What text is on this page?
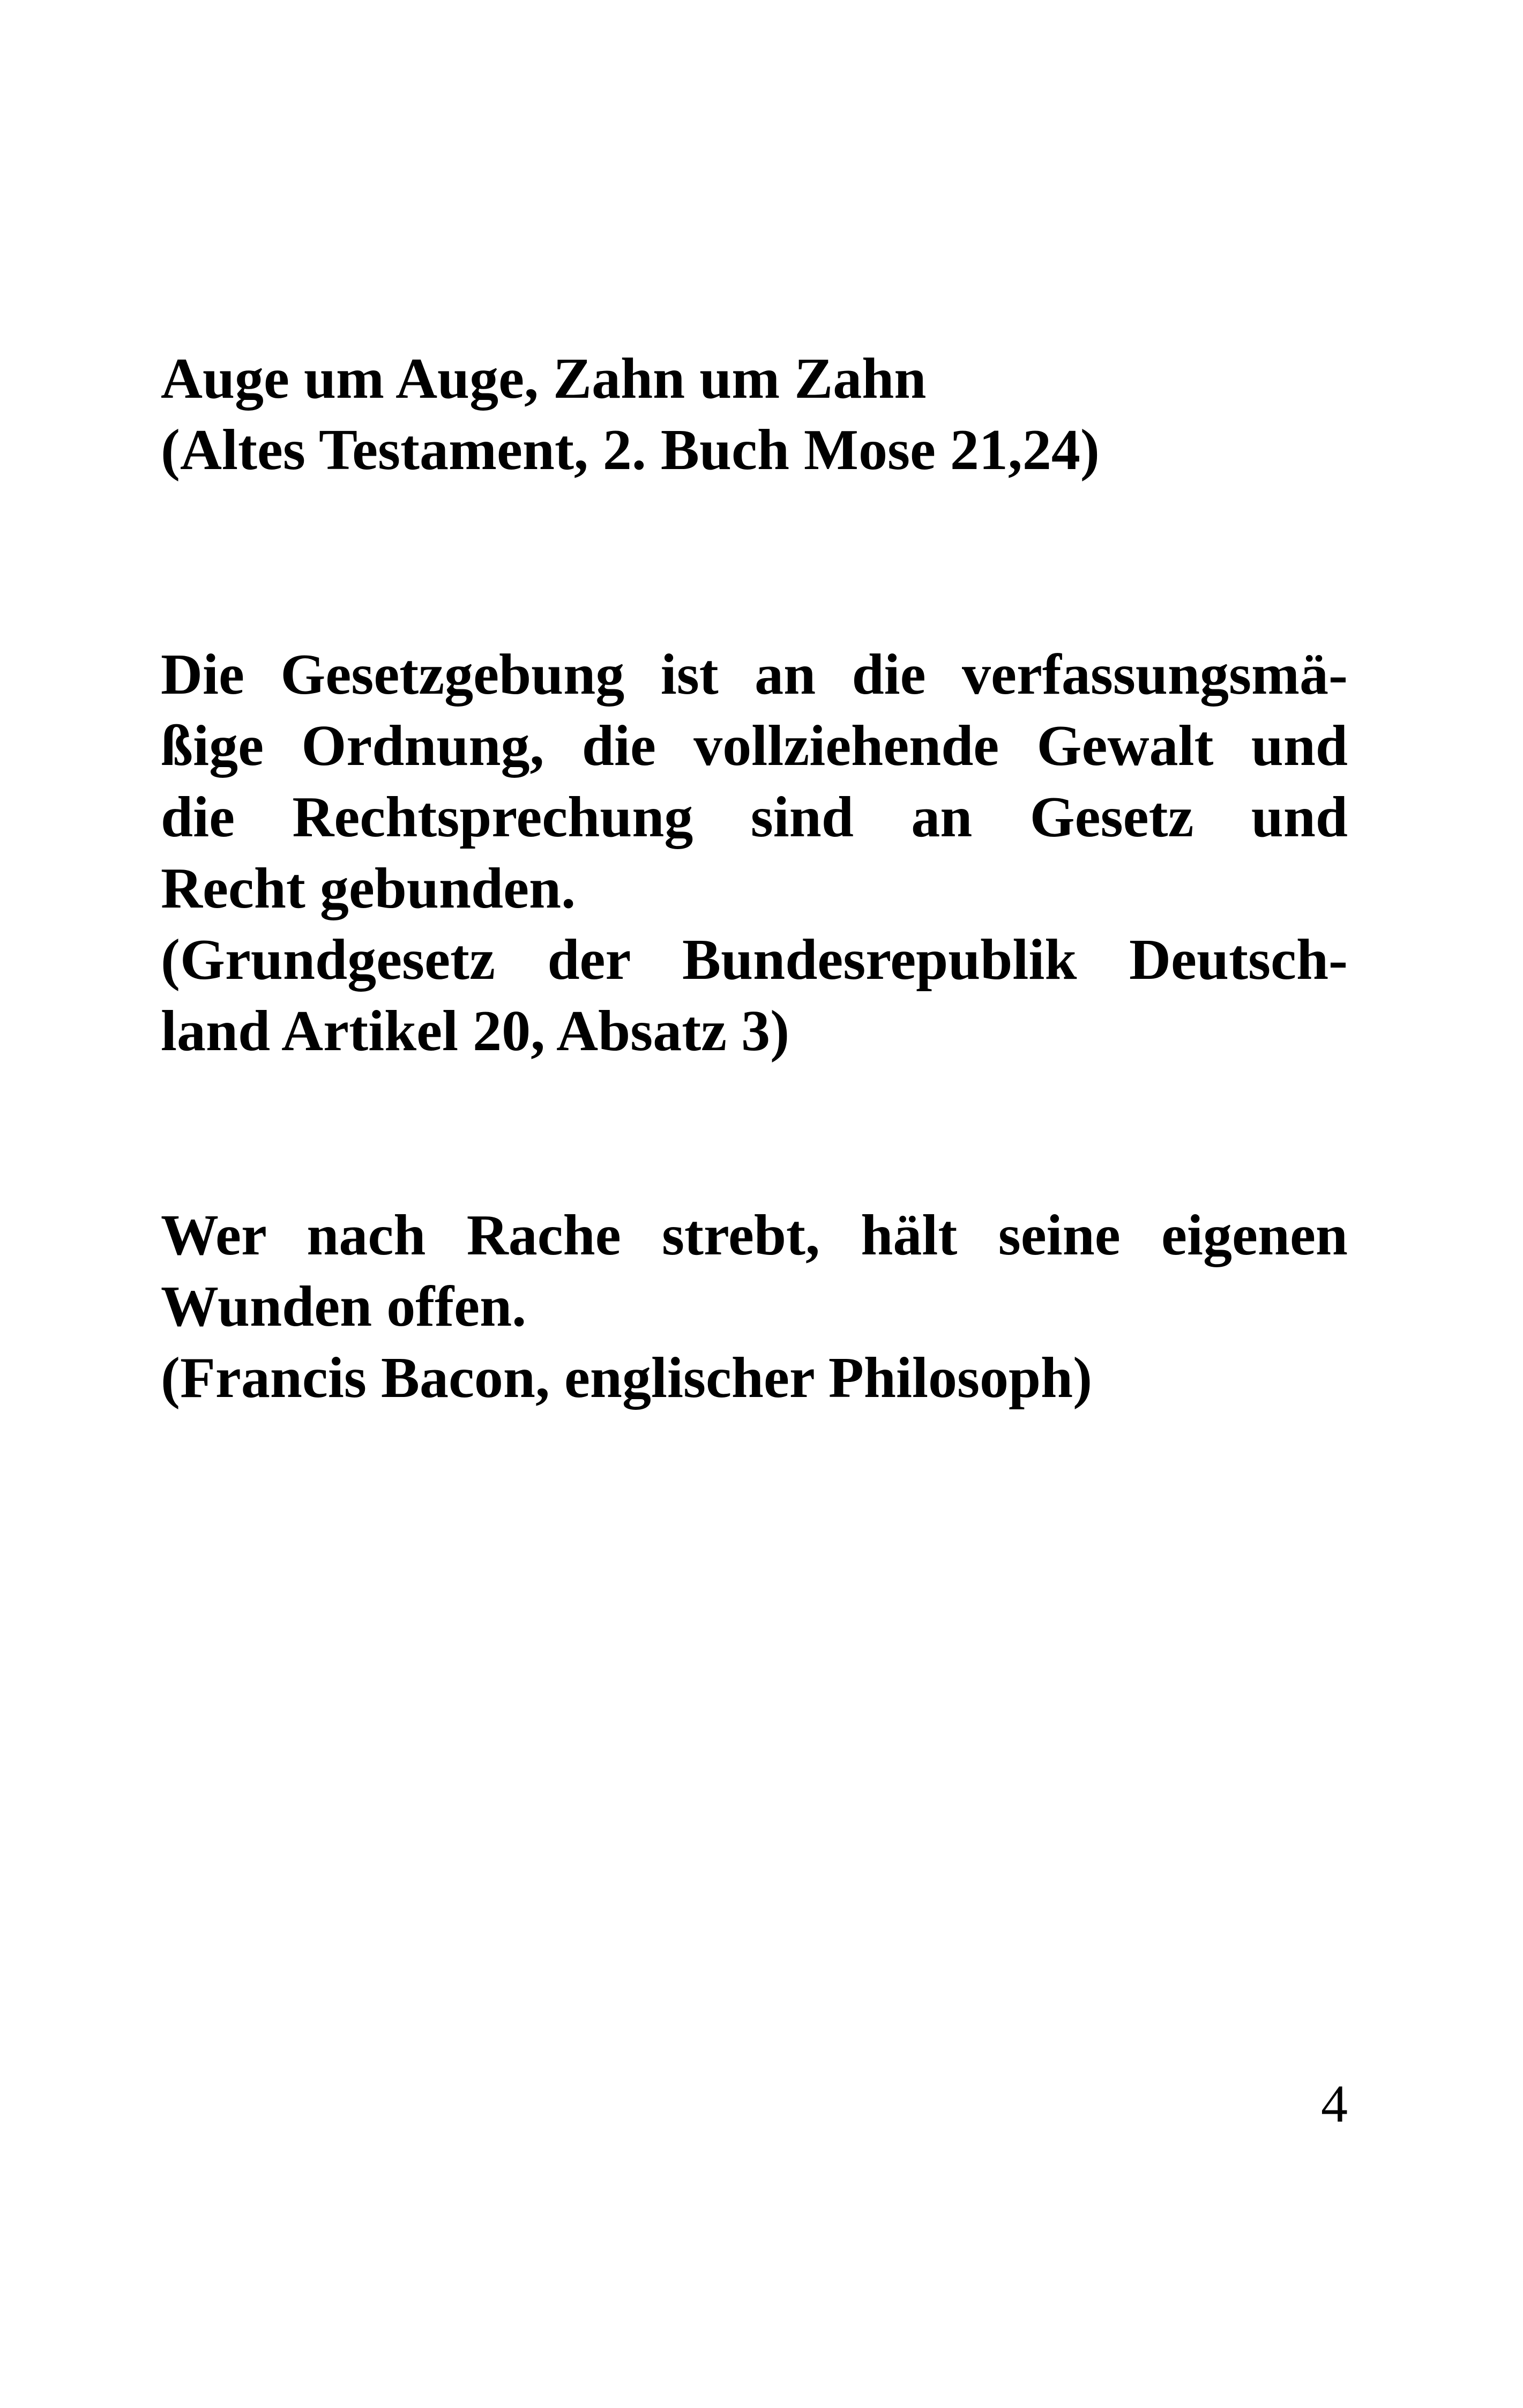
Auge um Auge, Zahn um Zahn
(Altes Testament, 2. Buch Mose 21,24)

Die Gesetzgebung ist an die verfassungsmä-
ßige Ordnung, die vollziehende Gewalt und
die Rechtsprechung sind an Gesetz und
Recht gebunden.
(Grundgesetz der Bundesrepublik Deutsch-
land Artikel 20, Absatz 3)

Wer nach Rache strebt, hält seine eigenen
Wunden offen.
(Francis Bacon, englischer Philosoph)

4
